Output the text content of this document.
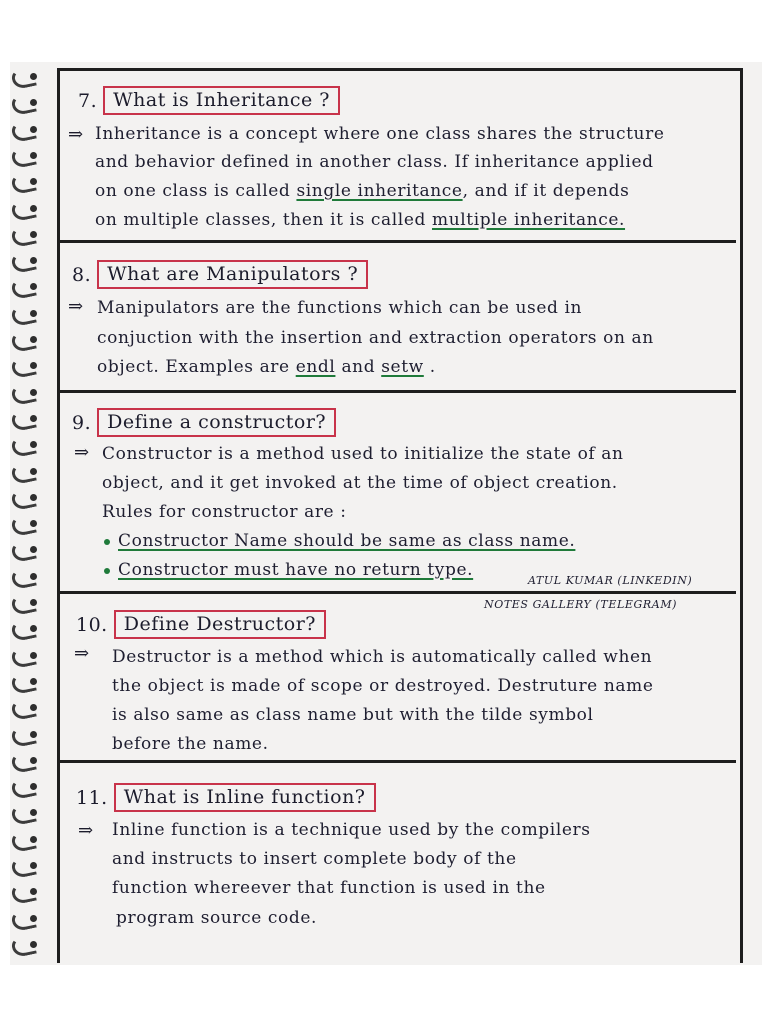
7. What is Inheritance ?
⇒ Inheritance is a concept where one class shares the structure
and behavior defined in another class. If inheritance applied
on one class is called single inheritance, and if it depends
on multiple classes, then it is called multiple inheritance.
8. What are Manipulators ?
⇒ Manipulators are the functions which can be used in
conjuction with the insertion and extraction operators on an
object. Examples are endl and setw .
9. Define a constructor?
⇒ Constructor is a method used to initialize the state of an
object, and it get invoked at the time of object creation.
Rules for constructor are :
Constructor Name should be same as class name.
Constructor must have no return type.
ATUL KUMAR (LINKEDIN)
NOTES GALLERY (TELEGRAM)
10. Define Destructor?
⇒ Destructor is a method which is automatically called when
the object is made of scope or destroyed. Destruture name
is also same as class name but with the tilde symbol
before the name.
11. What is Inline function?
⇒ Inline function is a technique used by the compilers
and instructs to insert complete body of the
function whereever that function is used in the
program source code.
